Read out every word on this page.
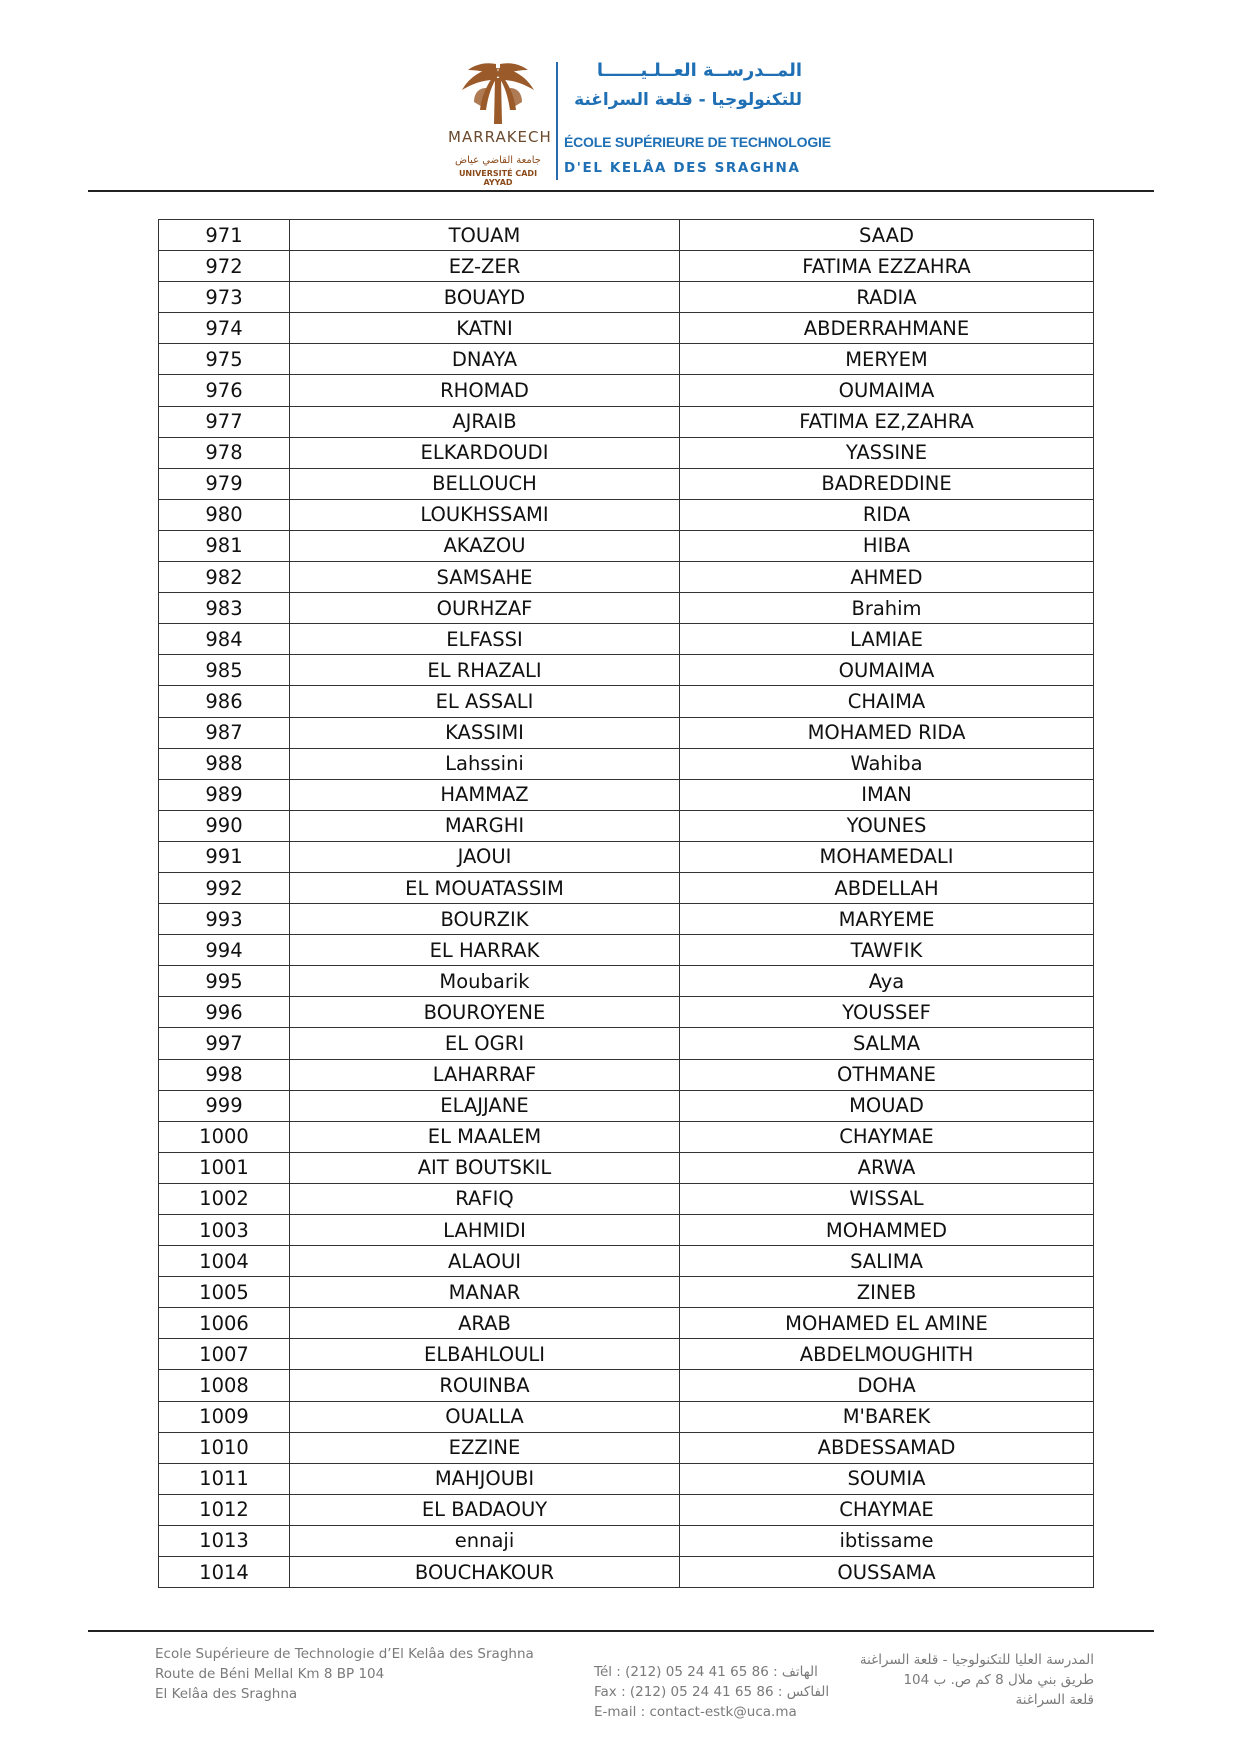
MARRAKECH
جامعة القاضي عياض
UNIVERSITÉ CADI AYYAD
المــدرســة العــلـيــــــا
للتكنولوجيا - قلعة السراغنة
ÉCOLE SUPÉRIEURE DE TECHNOLOGIE
D'EL KELÂA DES SRAGHNA
971	TOUAM	SAAD
972	EZ-ZER	FATIMA EZZAHRA
973	BOUAYD	RADIA
974	KATNI	ABDERRAHMANE
975	DNAYA	MERYEM
976	RHOMAD	OUMAIMA
977	AJRAIB	FATIMA EZ,ZAHRA
978	ELKARDOUDI	YASSINE
979	BELLOUCH	BADREDDINE
980	LOUKHSSAMI	RIDA
981	AKAZOU	HIBA
982	SAMSAHE	AHMED
983	OURHZAF	Brahim
984	ELFASSI	LAMIAE
985	EL RHAZALI	OUMAIMA
986	EL ASSALI	CHAIMA
987	KASSIMI	MOHAMED RIDA
988	Lahssini	Wahiba
989	HAMMAZ	IMAN
990	MARGHI	YOUNES
991	JAOUI	MOHAMEDALI
992	EL MOUATASSIM	ABDELLAH
993	BOURZIK	MARYEME
994	EL HARRAK	TAWFIK
995	Moubarik	Aya
996	BOUROYENE	YOUSSEF
997	EL OGRI	SALMA
998	LAHARRAF	OTHMANE
999	ELAJJANE	MOUAD
1000	EL MAALEM	CHAYMAE
1001	AIT BOUTSKIL	ARWA
1002	RAFIQ	WISSAL
1003	LAHMIDI	MOHAMMED
1004	ALAOUI	SALIMA
1005	MANAR	ZINEB
1006	ARAB	MOHAMED EL AMINE
1007	ELBAHLOULI	ABDELMOUGHITH
1008	ROUINBA	DOHA
1009	OUALLA	M'BAREK
1010	EZZINE	ABDESSAMAD
1011	MAHJOUBI	SOUMIA
1012	EL BADAOUY	CHAYMAE
1013	ennaji	ibtissame
1014	BOUCHAKOUR	OUSSAMA
Ecole Supérieure de Technologie d’El Kelâa des Sraghna
Route de Béni Mellal Km 8 BP 104
El Kelâa des Sraghna
Tél : (212) 05 24 41 65 86 : الهاتف
Fax : (212) 05 24 41 65 86 : الفاكس
E-mail : contact-estk@uca.ma
المدرسة العليا للتكنولوجيا - قلعة السراغنة
طريق بني ملال 8 كم ص. ب 104
قلعة السراغنة
